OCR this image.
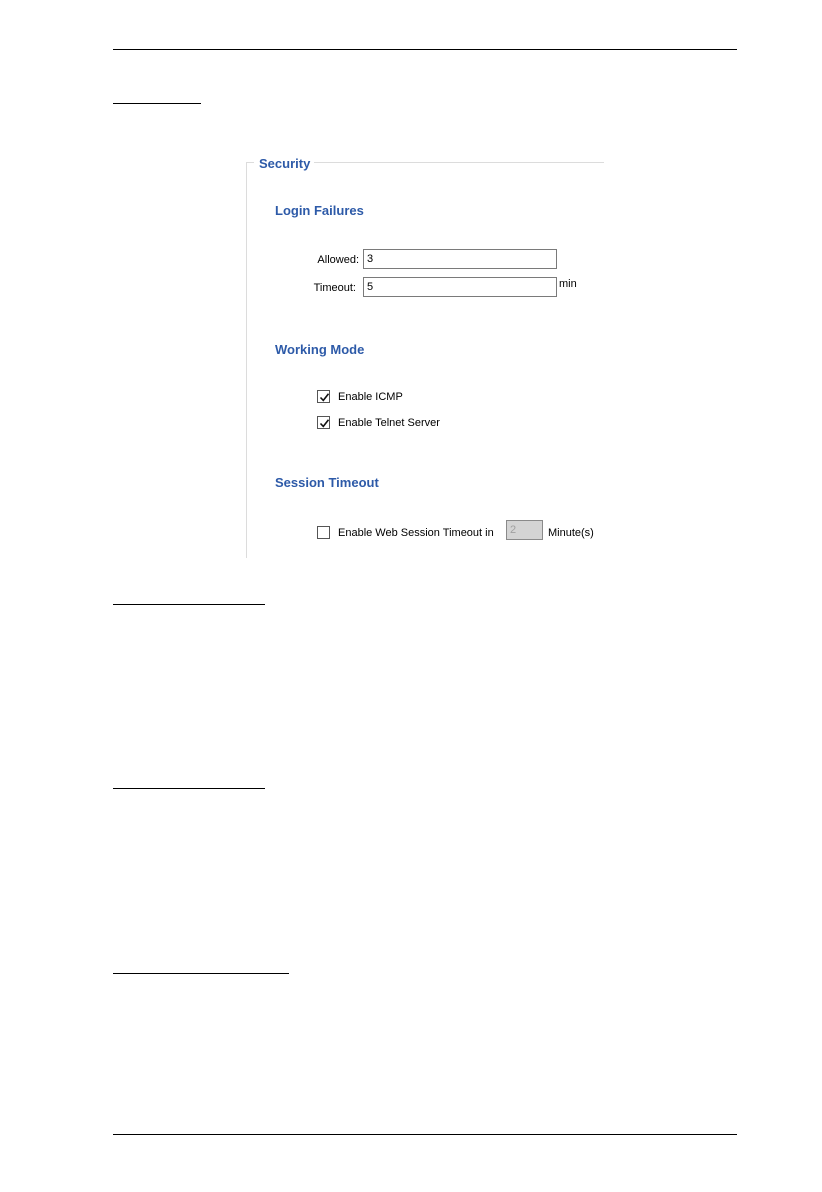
Security
Login Failures
Allowed: 3
Timeout:	5	min
Working Mode
Enable ICMP
Enable Telnet Server
Session Timeout
Enable Web Session Timeout in	2	Minute(s)
